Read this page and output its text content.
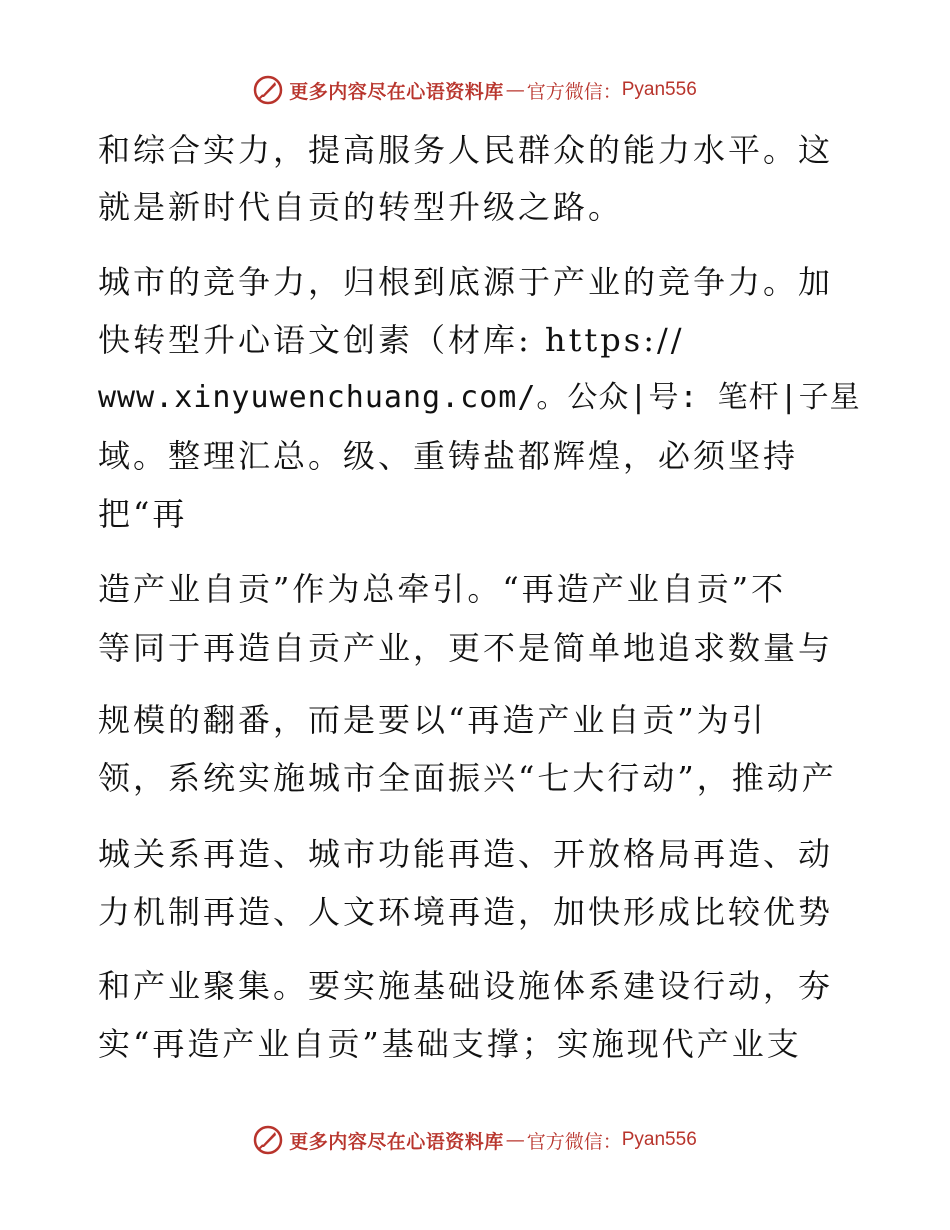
更多内容尽在心语资料库 — 官方微信： Pyan556
和综合实力，提高服务人民群众的能力水平。这
就是新时代自贡的转型升级之路。
城市的竞争力，归根到底源于产业的竞争力。加
快转型升心语文创素（材库: https://
www.xinyuwenchuang.com/。公众|号: 笔杆|子星
域。整理汇总。级、重铸盐都辉煌，必须坚持
把“再
造产业自贡”作为总牵引。“再造产业自贡”不
等同于再造自贡产业，更不是简单地追求数量与
规模的翻番，而是要以“再造产业自贡”为引
领，系统实施城市全面振兴“七大行动”，推动产
城关系再造、城市功能再造、开放格局再造、动
力机制再造、人文环境再造，加快形成比较优势
和产业聚集。要实施基础设施体系建设行动，夯
实“再造产业自贡”基础支撑；实施现代产业支
更多内容尽在心语资料库 — 官方微信： Pyan556
